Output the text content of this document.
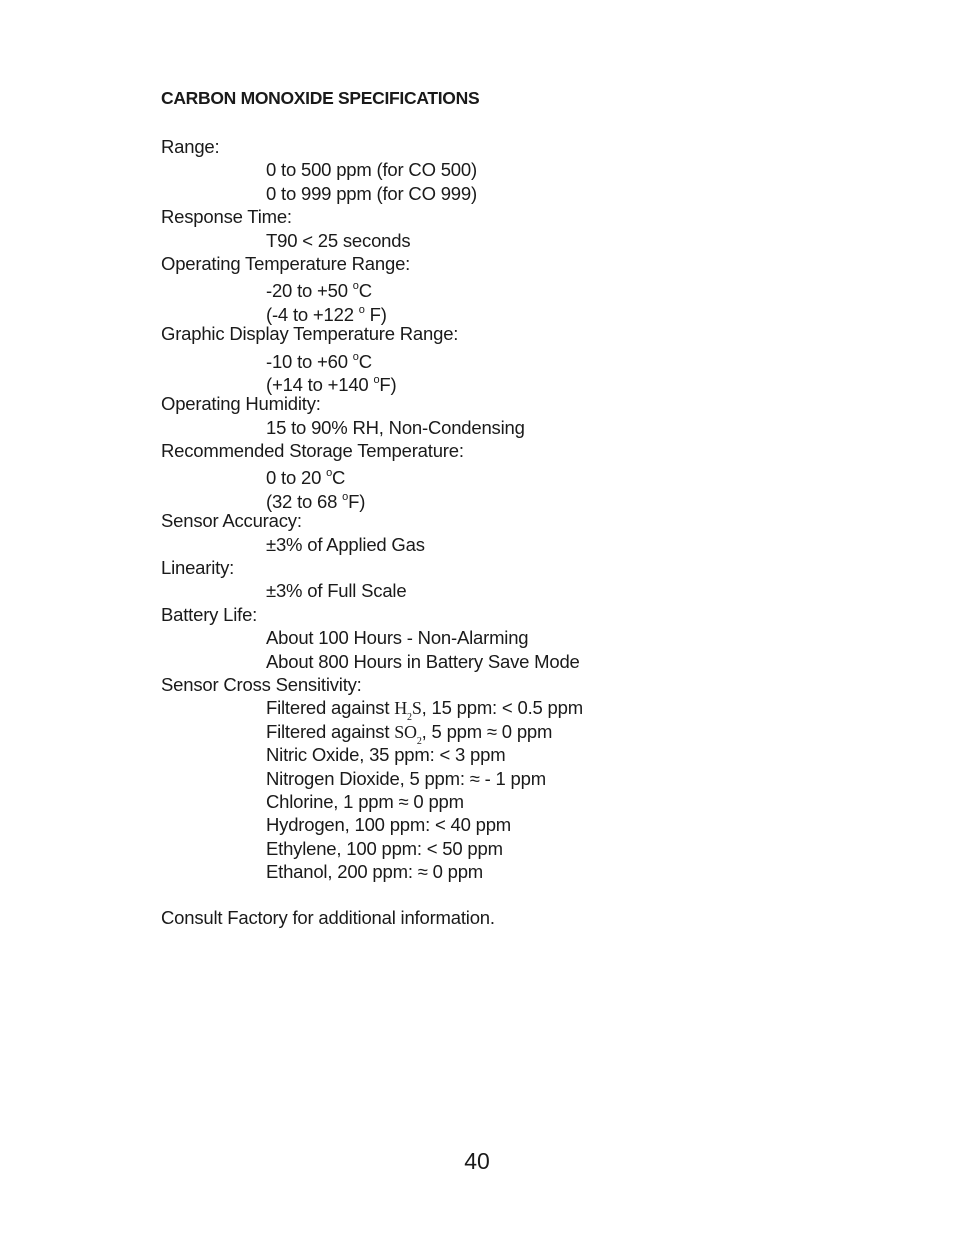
CARBON MONOXIDE SPECIFICATIONS
Range:
0 to 500 ppm (for CO 500)
0 to 999 ppm (for CO 999)
Response Time:
T90 < 25 seconds
Operating Temperature Range:
-20 to +50 $^o$C
(-4 to +122 $^o$ F)
Graphic Display Temperature Range:
-10 to +60 $^o$C
(+14 to +140 $^o$F)
Operating Humidity:
15 to 90% RH, Non-Condensing
Recommended Storage Temperature:
0 to 20 $^o$C
(32 to 68 $^o$F)
Sensor Accuracy:
±3% of Applied Gas
Linearity:
±3% of Full Scale
Battery Life:
About 100 Hours - Non-Alarming
About 800 Hours in Battery Save Mode
Sensor Cross Sensitivity:
Filtered against $H_2S$, 15 ppm: < 0.5 ppm
Filtered against $SO_2$, 5 ppm ≈ 0 ppm
Nitric Oxide, 35 ppm: < 3 ppm
Nitrogen Dioxide, 5 ppm: ≈ - 1 ppm
Chlorine, 1 ppm ≈ 0 ppm
Hydrogen, 100 ppm: < 40 ppm
Ethylene, 100 ppm: < 50 ppm
Ethanol, 200 ppm: ≈ 0 ppm
Consult Factory for additional information.
40
